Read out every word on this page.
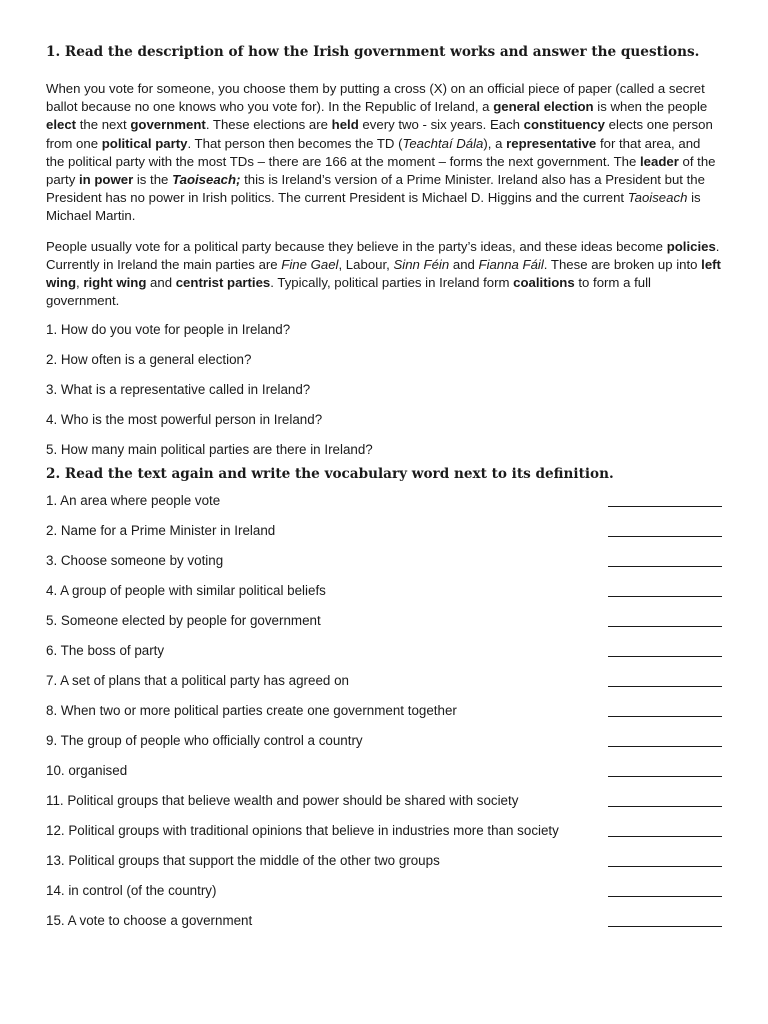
1. Read the description of how the Irish government works and answer the questions.

When you vote for someone, you choose them by putting a cross (X) on an official piece of paper (called a secret ballot because no one knows who you vote for). In the Republic of Ireland, a general election is when the people elect the next government. These elections are held every two - six years. Each constituency elects one person from one political party. That person then becomes the TD (Teachtaí Dála), a representative for that area, and the political party with the most TDs – there are 166 at the moment – forms the next government. The leader of the party in power is the Taoiseach; this is Ireland’s version of a Prime Minister. Ireland also has a President but the President has no power in Irish politics. The current President is Michael D. Higgins and the current Taoiseach is Michael Martin.

People usually vote for a political party because they believe in the party’s ideas, and these ideas become policies. Currently in Ireland the main parties are Fine Gael, Labour, Sinn Féin and Fianna Fáil. These are broken up into left wing, right wing and centrist parties. Typically, political parties in Ireland form coalitions to form a full government.

1. How do you vote for people in Ireland?
2. How often is a general election?
3. What is a representative called in Ireland?
4. Who is the most powerful person in Ireland?
5. How many main political parties are there in Ireland?
2. Read the text again and write the vocabulary word next to its definition.
1. An area where people vote
2. Name for a Prime Minister in Ireland
3. Choose someone by voting
4. A group of people with similar political beliefs
5. Someone elected by people for government
6. The boss of party
7. A set of plans that a political party has agreed on
8. When two or more political parties create one government together
9. The group of people who officially control a country
10. organised
11. Political groups that believe wealth and power should be shared with society
12. Political groups with traditional opinions that believe in industries more than society
13. Political groups that support the middle of the other two groups
14. in control (of the country)
15. A vote to choose a government
